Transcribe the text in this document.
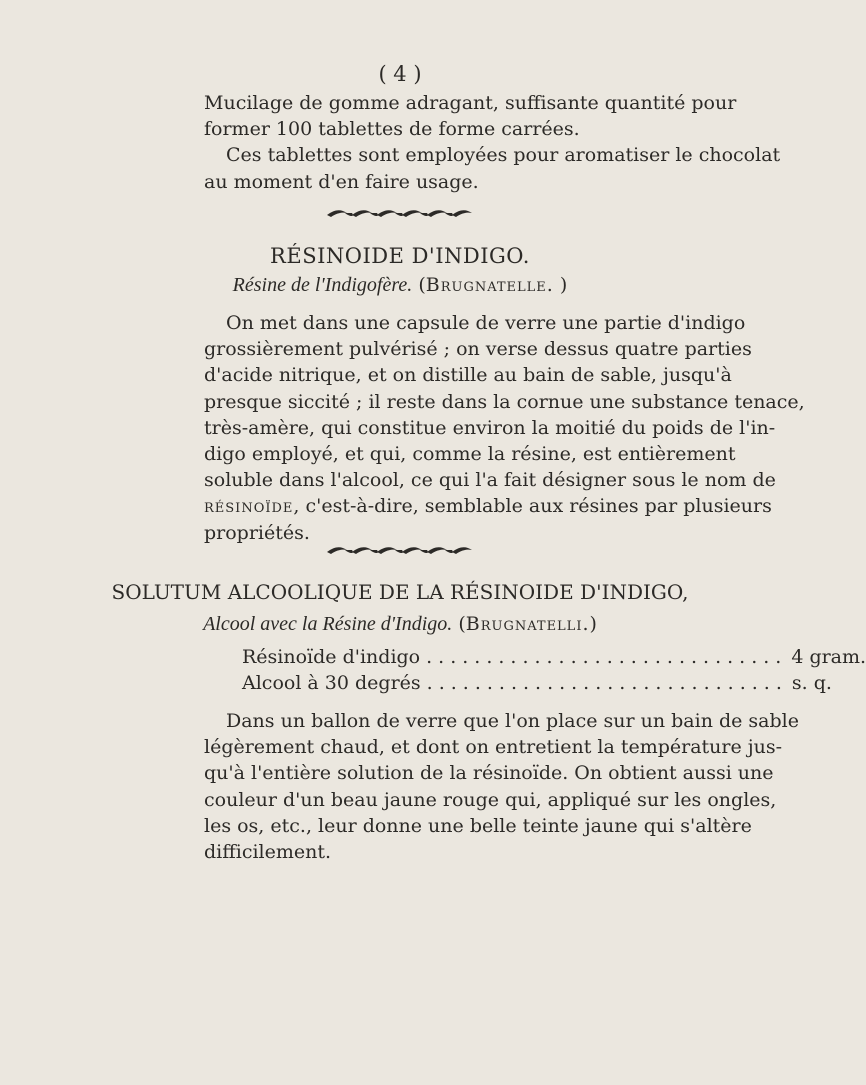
( 4 )
Mucilage de gomme adragant, suffisante quantité pour
former 100 tablettes de forme carrées.
Ces tablettes sont employées pour aromatiser le chocolat
au moment d'en faire usage.
RÉSINOIDE D'INDIGO.
Résine de l'Indigofère. (Brugnatelle. )
On met dans une capsule de verre une partie d'indigo
grossièrement pulvérisé ; on verse dessus quatre parties
d'acide nitrique, et on distille au bain de sable, jusqu'à
presque siccité ; il reste dans la cornue une substance tenace,
très-amère, qui constitue environ la moitié du poids de l'in-
digo employé, et qui, comme la résine, est entièrement
soluble dans l'alcool, ce qui l'a fait désigner sous le nom de
résinoïde, c'est-à-dire, semblable aux résines par plusieurs
propriétés.
SOLUTUM ALCOOLIQUE DE LA RÉSINOIDE D'INDIGO,
Alcool avec la Résine d'Indigo. (Brugnatelli.)
Résinoïde d'indigo .............................. 4 gram.
Alcool à 30 degrés .............................. s. q.
Dans un ballon de verre que l'on place sur un bain de sable
légèrement chaud, et dont on entretient la température jus-
qu'à l'entière solution de la résinoïde. On obtient aussi une
couleur d'un beau jaune rouge qui, appliqué sur les ongles,
les os, etc., leur donne une belle teinte jaune qui s'altère
difficilement.
